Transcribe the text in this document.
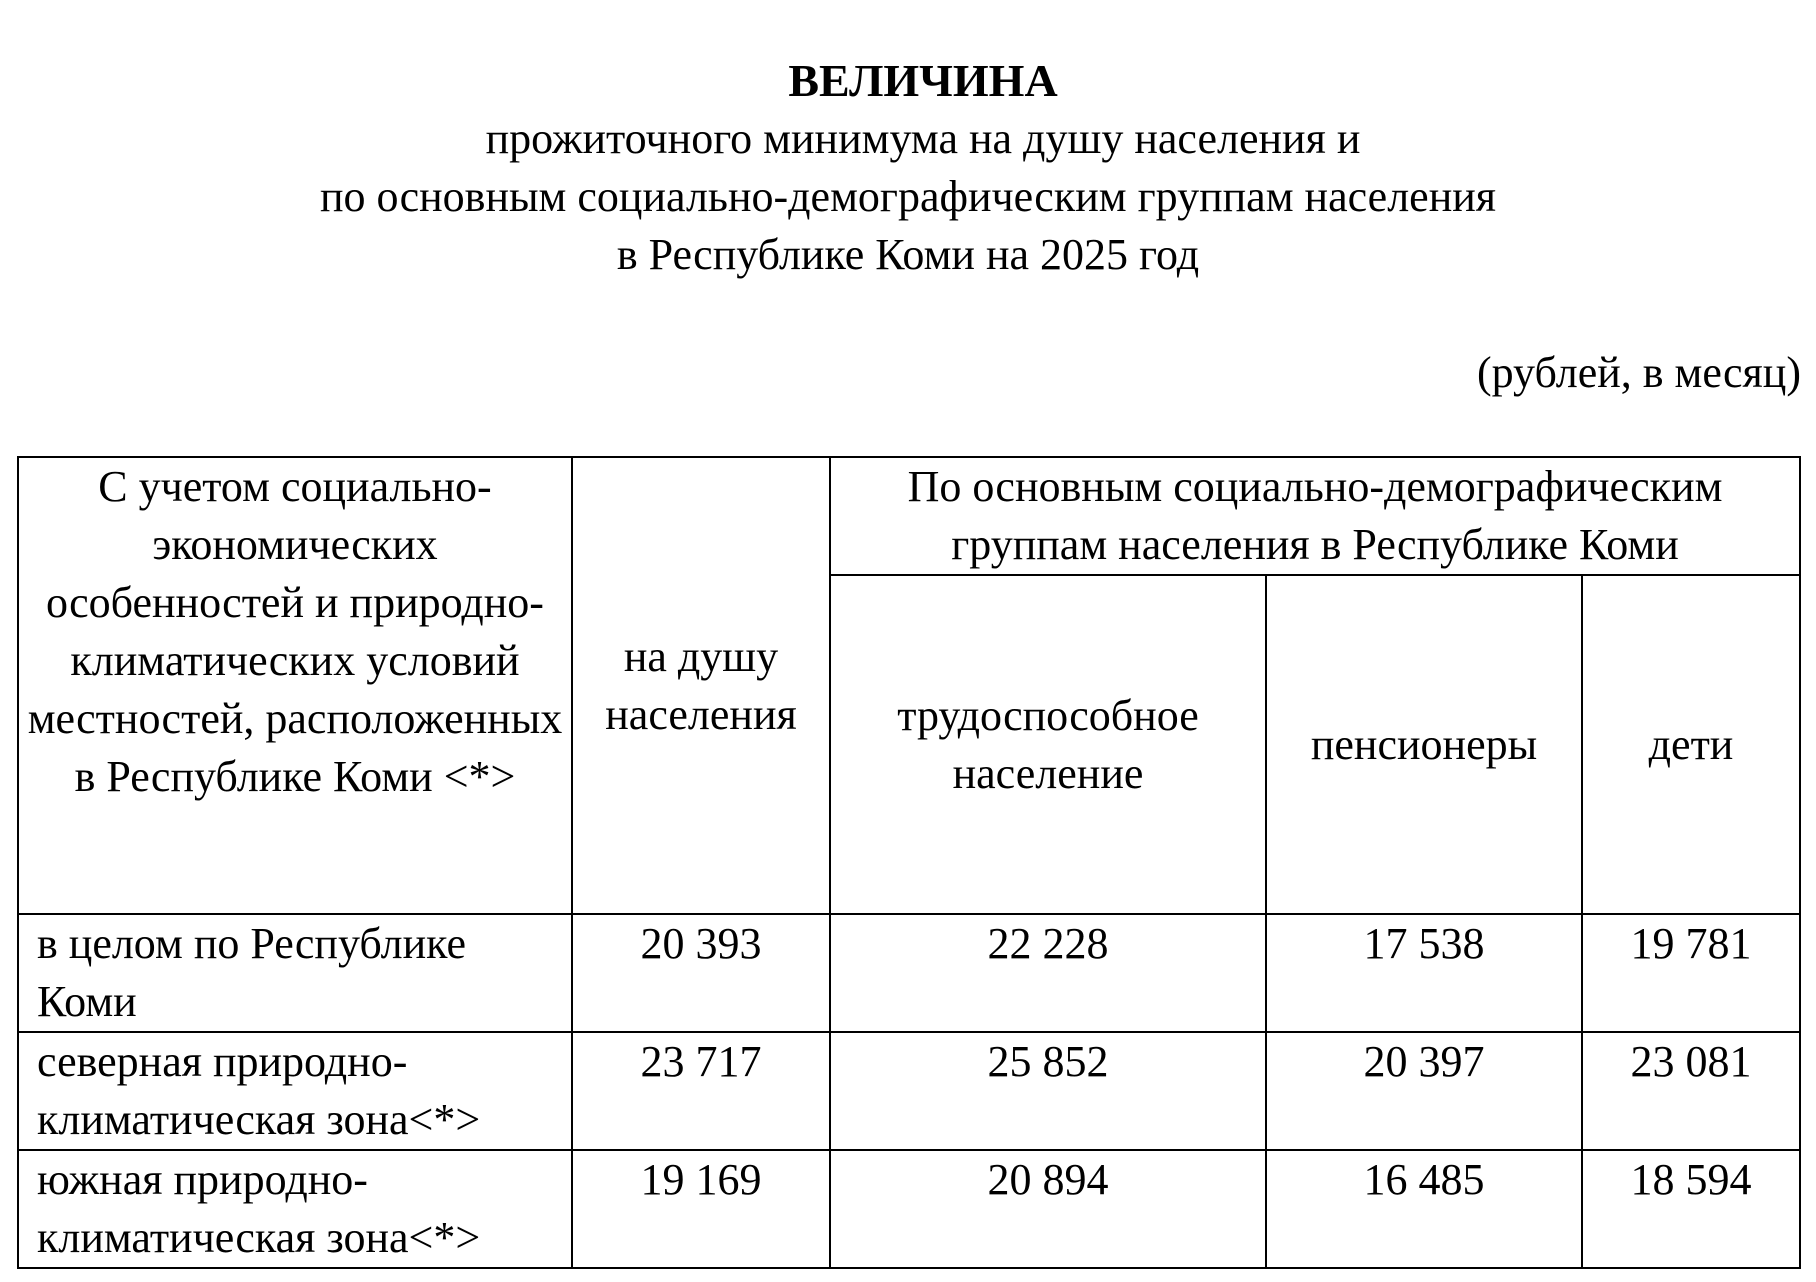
ВЕЛИЧИНА
прожиточного минимума на душу населения и
по основным социально-демографическим группам населения
в Республике Коми на 2025 год
(рублей, в месяц)
С учетом социально-экономических особенностей и природно-климатических условий местностей, расположенных в Республике Коми <*>	на душу населения	По основным социально-демографическим группам населения в Республике Коми		
		трудоспособное население	пенсионеры	дети
в целом по Республике Коми	20 393	22 228	17 538	19 781
северная природно-климатическая зона<*>	23 717	25 852	20 397	23 081
южная природно-климатическая зона<*>	19 169	20 894	16 485	18 594
